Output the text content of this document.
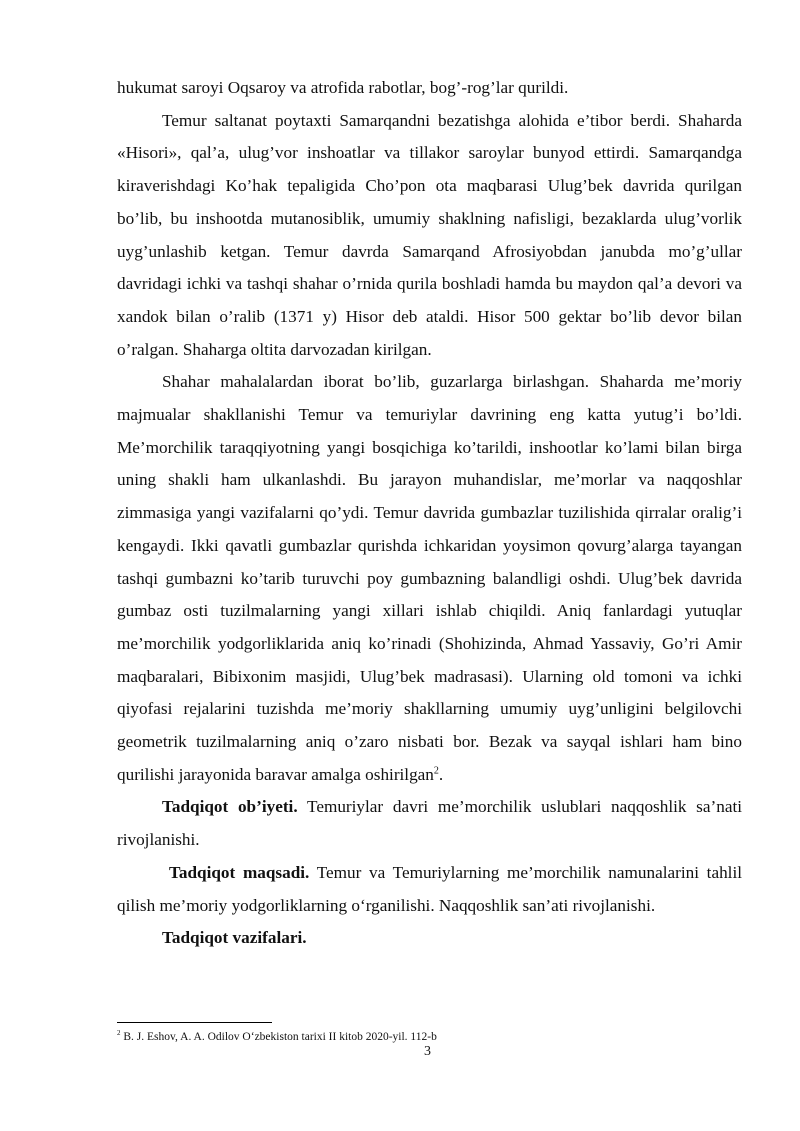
hukumat saroyi Oqsaroy va atrofida rabotlar, bog’-rog’lar qurildi.

Temur saltanat poytaxti Samarqandni bezatishga alohida e’tibor berdi. Shaharda «Hisori», qal’a, ulug’vor inshoatlar va tillakor saroylar bunyod ettirdi. Samarqandga kiraverishdagi Ko’hak tepaligida Cho’pon ota maqbarasi Ulug’bek davrida qurilgan bo’lib, bu inshootda mutanosiblik, umumiy shaklning nafisligi, bezaklarda ulug’vorlik uyg’unlashib ketgan. Temur davrda Samarqand Afrosiyobdan janubda mo’g’ullar davridagi ichki va tashqi shahar o’rnida qurila boshladi hamda bu maydon qal’a devori va xandok bilan o’ralib (1371 y) Hisor deb ataldi. Hisor 500 gektar bo’lib devor bilan o’ralgan. Shaharga oltita darvozadan kirilgan.

Shahar mahalalardan iborat bo’lib, guzarlarga birlashgan. Shaharda me’moriy majmualar shakllanishi Temur va temuriylar davrining eng katta yutug’i bo’ldi. Me’morchilik taraqqiyotning yangi bosqichiga ko’tarildi, inshootlar ko’lami bilan birga uning shakli ham ulkanlashdi. Bu jarayon muhandislar, me’morlar va naqqoshlar zimmasiga yangi vazifalarni qo’ydi. Temur davrida gumbazlar tuzilishida qirralar oralig’i kengaydi. Ikki qavatli gumbazlar qurishda ichkaridan yoysimon qovurg’alarga tayangan tashqi gumbazni ko’tarib turuvchi poy gumbazning balandligi oshdi. Ulug’bek davrida gumbaz osti tuzilmalarning yangi xillari ishlab chiqildi. Aniq fanlardagi yutuqlar me’morchilik yodgorliklarida aniq ko’rinadi (Shohizinda, Ahmad Yassaviy, Go’ri Amir maqbaralari, Bibixonim masjidi, Ulug’bek madrasasi). Ularning old tomoni va ichki qiyofasi rejalarini tuzishda me’moriy shakllarning umumiy uyg’unligini belgilovchi geometrik tuzilmalarning aniq o’zaro nisbati bor. Bezak va sayqal ishlari ham bino qurilishi jarayonida baravar amalga oshirilgan$^2$.

Tadqiqot ob’iyeti. Temuriylar davri me’morchilik uslublari naqqoshlik sa’nati rivojlanishi.

Tadqiqot maqsadi. Temur va Temuriylarning me’morchilik namunalarini tahlil qilish me’moriy yodgorliklarning o‘rganilishi. Naqqoshlik san’ati rivojlanishi.

Tadqiqot vazifalari.

$^2$ B. J. Eshov, A. A. Odilov O‘zbekiston tarixi II kitob 2020-yil. 112-b
3
